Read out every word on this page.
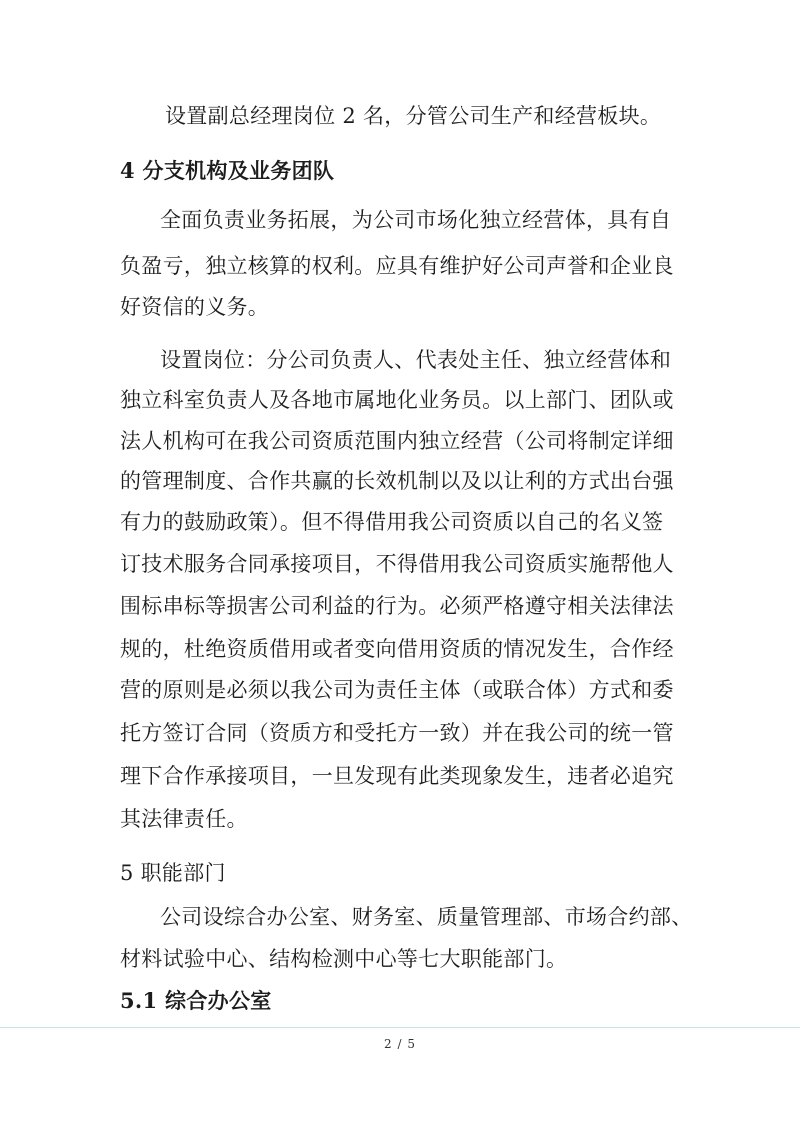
设置副总经理岗位 2 名，分管公司生产和经营板块。
4 分支机构及业务团队
全面负责业务拓展，为公司市场化独立经营体，具有自
负盈亏，独立核算的权利。应具有维护好公司声誉和企业良
好资信的义务。
设置岗位：分公司负责人、代表处主任、独立经营体和
独立科室负责人及各地市属地化业务员。以上部门、团队或
法人机构可在我公司资质范围内独立经营（公司将制定详细
的管理制度、合作共赢的长效机制以及以让利的方式出台强
有力的鼓励政策）。但不得借用我公司资质以自己的名义签
订技术服务合同承接项目，不得借用我公司资质实施帮他人
围标串标等损害公司利益的行为。必须严格遵守相关法律法
规的，杜绝资质借用或者变向借用资质的情况发生，合作经
营的原则是必须以我公司为责任主体（或联合体）方式和委
托方签订合同（资质方和受托方一致）并在我公司的统一管
理下合作承接项目，一旦发现有此类现象发生，违者必追究
其法律责任。
5 职能部门
公司设综合办公室、财务室、质量管理部、市场合约部、
材料试验中心、结构检测中心等七大职能部门。
5.1 综合办公室
2 / 5
